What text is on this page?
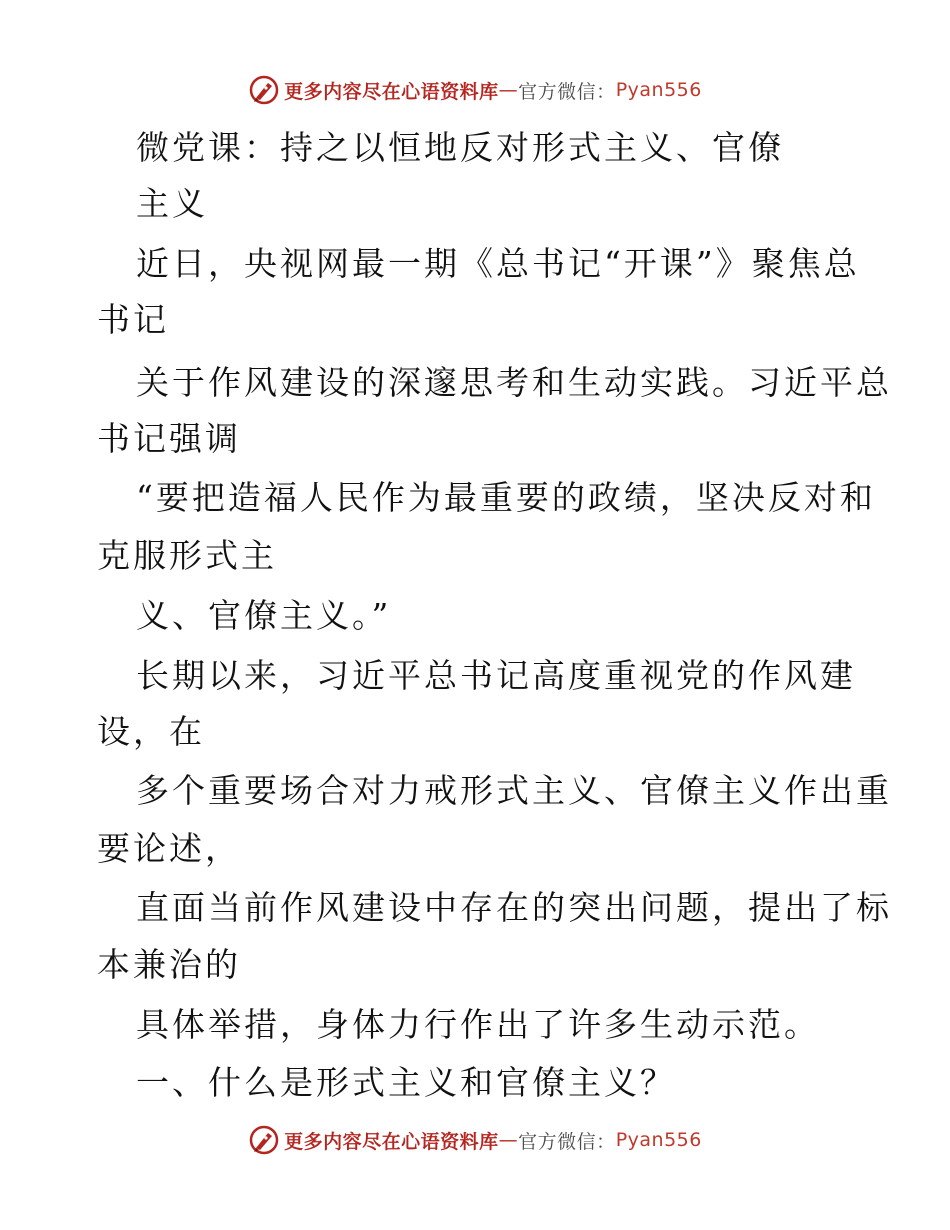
更多内容尽在心语资料库 — 官方微信： Pyan556

微党课：持之以恒地反对形式主义、官僚

主义

近日，央视网最一期《总书记“开课”》聚焦总

书记

关于作风建设的深邃思考和生动实践。习近平总

书记强调

“要把造福人民作为最重要的政绩，坚决反对和

克服形式主

义、官僚主义。”

长期以来，习近平总书记高度重视党的作风建

设，在

多个重要场合对力戒形式主义、官僚主义作出重

要论述，

直面当前作风建设中存在的突出问题，提出了标

本兼治的

具体举措，身体力行作出了许多生动示范。

一、什么是形式主义和官僚主义？

更多内容尽在心语资料库 — 官方微信： Pyan556
